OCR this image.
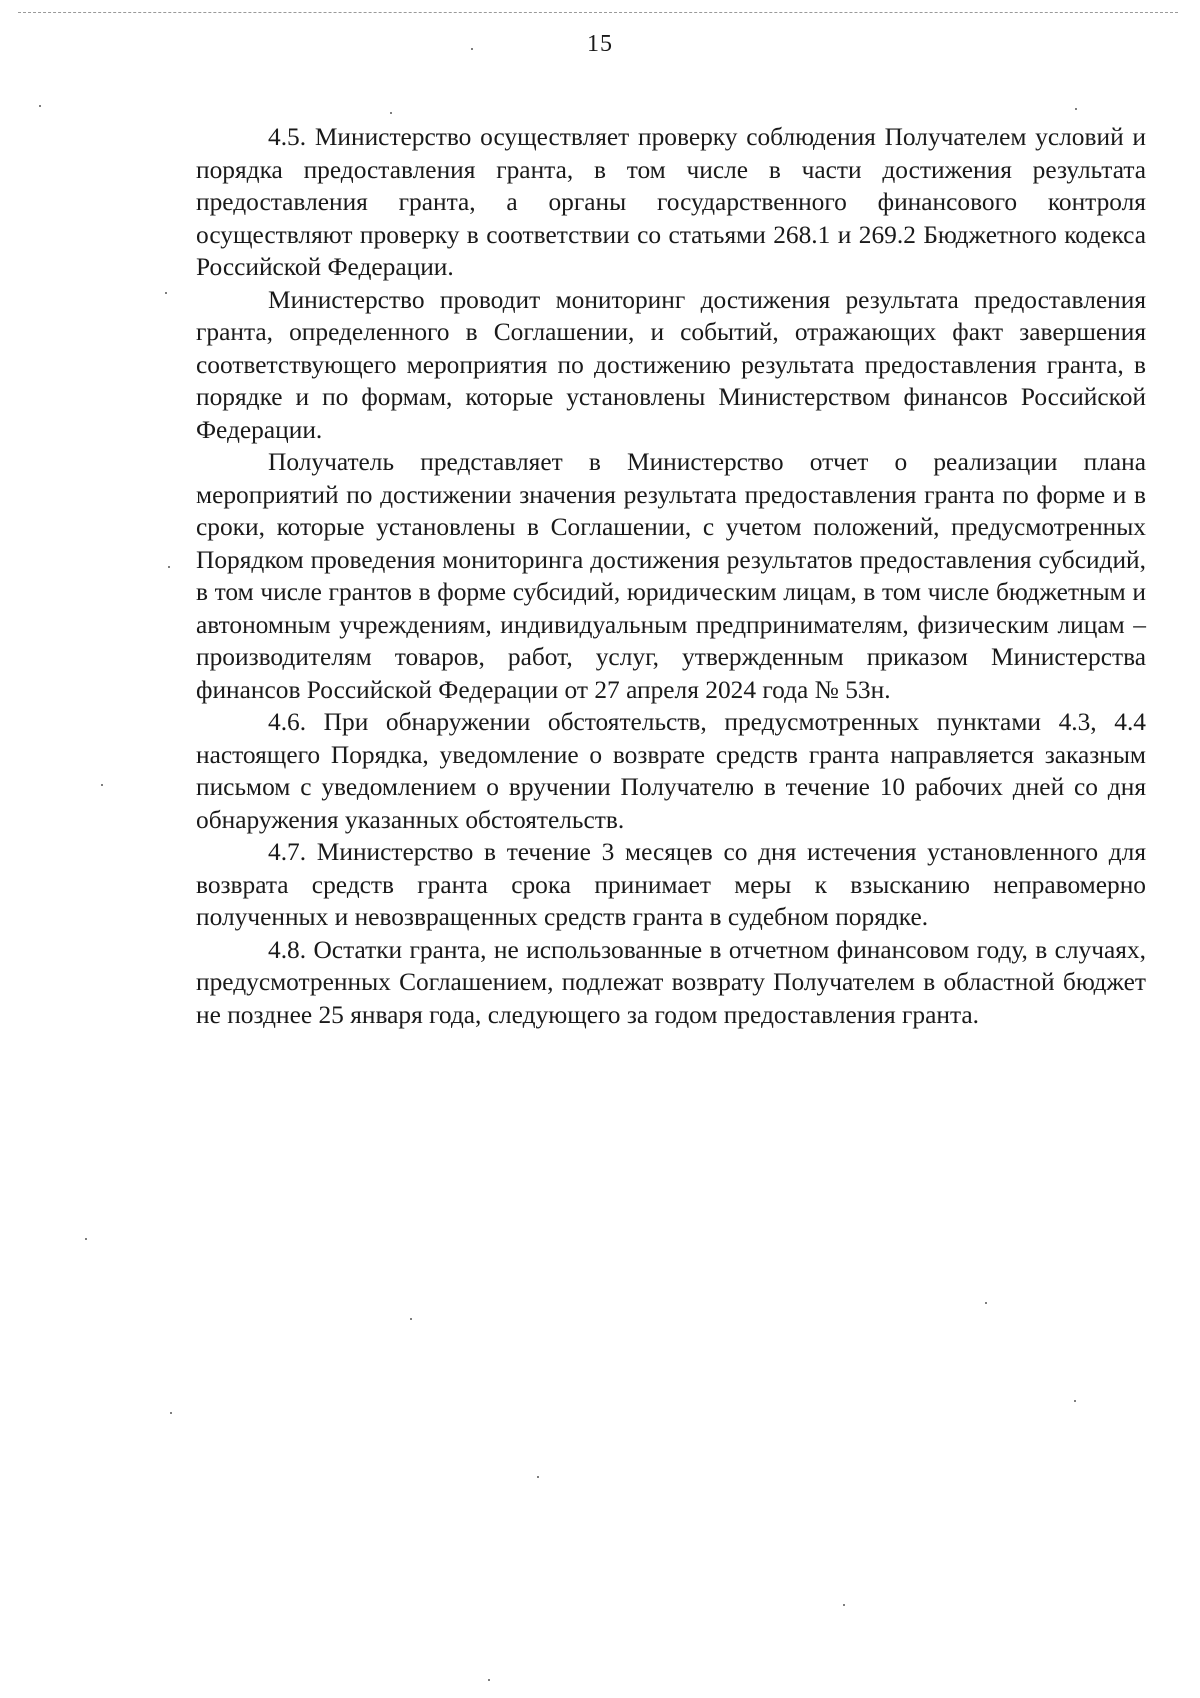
15

4.5. Министерство осуществляет проверку соблюдения Получателем условий и порядка предоставления гранта, в том числе в части достижения результата предоставления гранта, а органы государственного финансового контроля осуществляют проверку в соответствии со статьями 268.1 и 269.2 Бюджетного кодекса Российской Федерации.

Министерство проводит мониторинг достижения результата предоставления гранта, определенного в Соглашении, и событий, отражающих факт завершения соответствующего мероприятия по достижению результата предоставления гранта, в порядке и по формам, которые установлены Министерством финансов Российской Федерации.

Получатель представляет в Министерство отчет о реализации плана мероприятий по достижении значения результата предоставления гранта по форме и в сроки, которые установлены в Соглашении, с учетом положений, предусмотренных Порядком проведения мониторинга достижения результатов предоставления субсидий, в том числе грантов в форме субсидий, юридическим лицам, в том числе бюджетным и автономным учреждениям, индивидуальным предпринимателям, физическим лицам – производителям товаров, работ, услуг, утвержденным приказом Министерства финансов Российской Федерации от 27 апреля 2024 года № 53н.

4.6. При обнаружении обстоятельств, предусмотренных пунктами 4.3, 4.4 настоящего Порядка, уведомление о возврате средств гранта направляется заказным письмом с уведомлением о вручении Получателю в течение 10 рабочих дней со дня обнаружения указанных обстоятельств.

4.7. Министерство в течение 3 месяцев со дня истечения установленного для возврата средств гранта срока принимает меры к взысканию неправомерно полученных и невозвращенных средств гранта в судебном порядке.

4.8. Остатки гранта, не использованные в отчетном финансовом году, в случаях, предусмотренных Соглашением, подлежат возврату Получателем в областной бюджет не позднее 25 января года, следующего за годом предоставления гранта.
